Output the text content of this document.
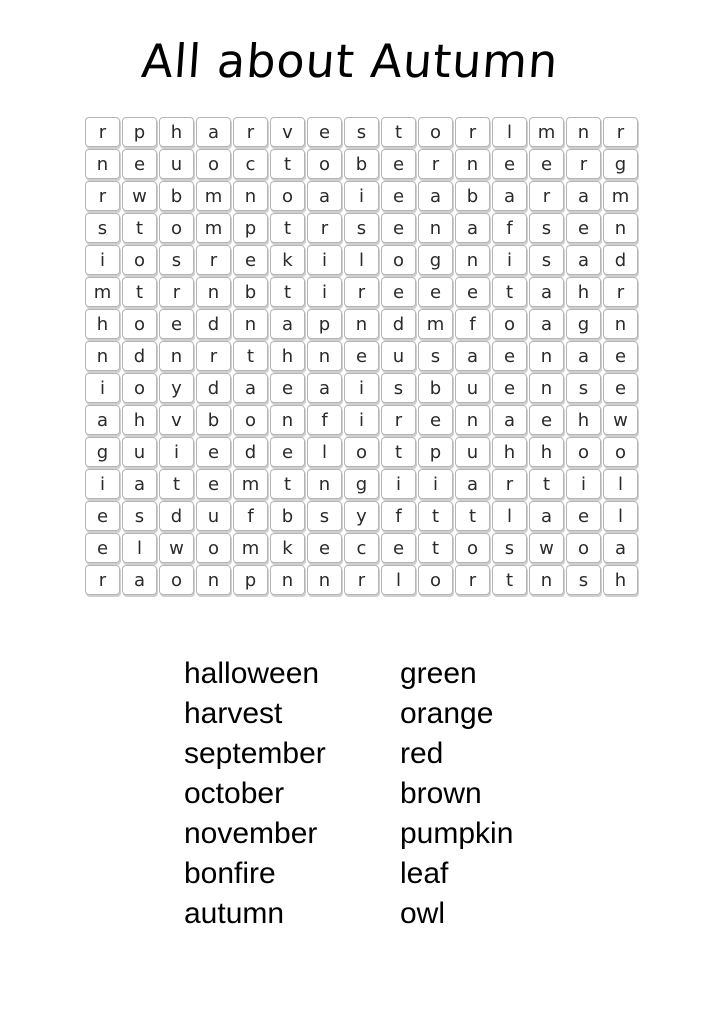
All about Autumn
r	p	h	a	r	v	e	s	t	o	r	l	m	n	r
n	e	u	o	c	t	o	b	e	r	n	e	e	r	g
r	w	b	m	n	o	a	i	e	a	b	a	r	a	m
s	t	o	m	p	t	r	s	e	n	a	f	s	e	n
i	o	s	r	e	k	i	l	o	g	n	i	s	a	d
m	t	r	n	b	t	i	r	e	e	e	t	a	h	r
h	o	e	d	n	a	p	n	d	m	f	o	a	g	n
n	d	n	r	t	h	n	e	u	s	a	e	n	a	e
i	o	y	d	a	e	a	i	s	b	u	e	n	s	e
a	h	v	b	o	n	f	i	r	e	n	a	e	h	w
g	u	i	e	d	e	l	o	t	p	u	h	h	o	o
i	a	t	e	m	t	n	g	i	i	a	r	t	i	l
e	s	d	u	f	b	s	y	f	t	t	l	a	e	l
e	l	w	o	m	k	e	c	e	t	o	s	w	o	a
r	a	o	n	p	n	n	r	l	o	r	t	n	s	h
halloween	green
harvest	orange
september	red
october	brown
november	pumpkin
bonfire	leaf
autumn	owl
